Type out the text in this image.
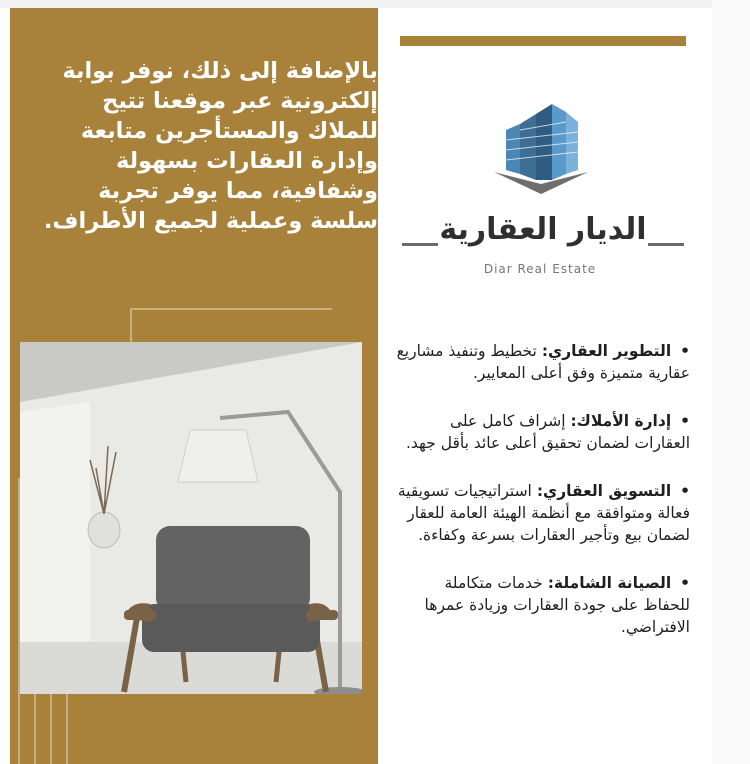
بالإضافة إلى ذلك، نوفر بوابة إلكترونية عبر موقعنا تتيح للملاك والمستأجرين متابعة وإدارة العقارات بسهولة وشفافية، مما يوفر تجربة سلسة وعملية لجميع الأطراف. الديار العقارية
Diar Real Estate
• التطوير العقاري: تخطيط وتنفيذ مشاريع عقارية متميزة وفق أعلى المعايير.
• إدارة الأملاك: إشراف كامل على العقارات لضمان تحقيق أعلى عائد بأقل جهد.
• التسويق العقاري: استراتيجيات تسويقية فعالة ومتوافقة مع أنظمة الهيئة العامة للعقار لضمان بيع وتأجير العقارات بسرعة وكفاءة.
• الصيانة الشاملة: خدمات متكاملة للحفاظ على جودة العقارات وزيادة عمرها الافتراضي.
